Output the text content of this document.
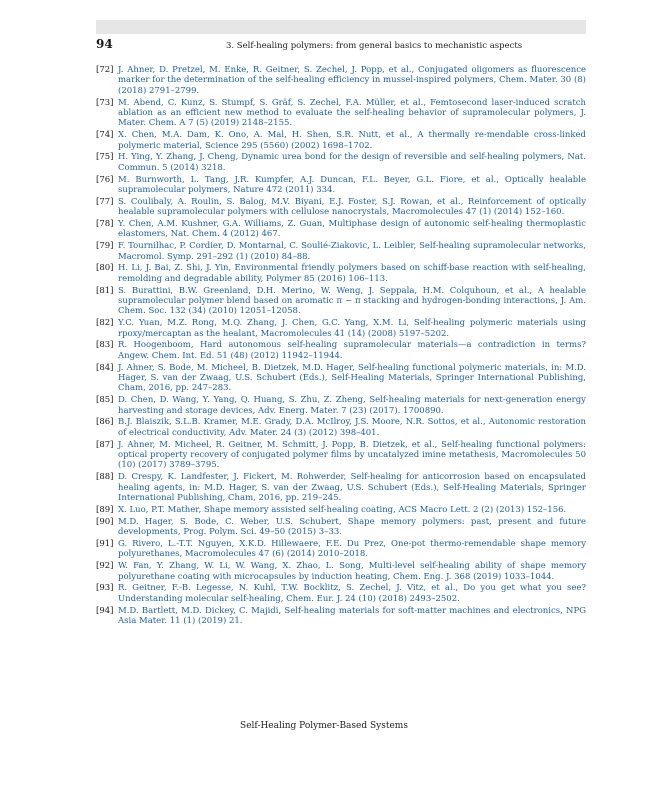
94	3. Self-healing polymers: from general basics to mechanistic aspects
[72] J. Ahner, D. Pretzel, M. Enke, R. Geitner, S. Zechel, J. Popp, et al., Conjugated oligomers as fluorescence marker for the determination of the self-healing efficiency in mussel-inspired polymers, Chem. Mater. 30 (8) (2018) 2791–2799.
[73] M. Abend, C. Kunz, S. Stumpf, S. Gräf, S. Zechel, F.A. Müller, et al., Femtosecond laser-induced scratch ablation as an efficient new method to evaluate the self-healing behavior of supramolecular polymers, J. Mater. Chem. A 7 (5) (2019) 2148–2155.
[74] X. Chen, M.A. Dam, K. Ono, A. Mal, H. Shen, S.R. Nutt, et al., A thermally re-mendable cross-linked polymeric material, Science 295 (5560) (2002) 1698–1702.
[75] H. Ying, Y. Zhang, J. Cheng, Dynamic urea bond for the design of reversible and self-healing polymers, Nat. Commun. 5 (2014) 3218.
[76] M. Burnworth, L. Tang, J.R. Kumpfer, A.J. Duncan, F.L. Beyer, G.L. Fiore, et al., Optically healable supramolecular polymers, Nature 472 (2011) 334.
[77] S. Coulibaly, A. Roulin, S. Balog, M.V. Biyani, E.J. Foster, S.J. Rowan, et al., Reinforcement of optically healable supramolecular polymers with cellulose nanocrystals, Macromolecules 47 (1) (2014) 152–160.
[78] Y. Chen, A.M. Kushner, G.A. Williams, Z. Guan, Multiphase design of autonomic self-healing thermoplastic elastomers, Nat. Chem. 4 (2012) 467.
[79] F. Tournilhac, P. Cordier, D. Montarnal, C. Soulié-Ziakovic, L. Leibler, Self-healing supramolecular networks, Macromol. Symp. 291–292 (1) (2010) 84–88.
[80] H. Li, J. Bai, Z. Shi, J. Yin, Environmental friendly polymers based on schiff-base reaction with self-healing, remolding and degradable ability, Polymer 85 (2016) 106–113.
[81] S. Burattini, B.W. Greenland, D.H. Merino, W. Weng, J. Seppala, H.M. Colquhoun, et al., A healable supramolecular polymer blend based on aromatic π − π stacking and hydrogen-bonding interactions, J. Am. Chem. Soc. 132 (34) (2010) 12051–12058.
[82] Y.C. Yuan, M.Z. Rong, M.Q. Zhang, J. Chen, G.C. Yang, X.M. Li, Self-healing polymeric materials using rpoxy/mercaptan as the healant, Macromolecules 41 (14) (2008) 5197–5202.
[83] R. Hoogenboom, Hard autonomous self-healing supramolecular materials—a contradiction in terms? Angew. Chem. Int. Ed. 51 (48) (2012) 11942–11944.
[84] J. Ahner, S. Bode, M. Micheel, B. Dietzek, M.D. Hager, Self-healing functional polymeric materials, in: M.D. Hager, S. van der Zwaag, U.S. Schubert (Eds.), Self-Healing Materials, Springer International Publishing, Cham, 2016, pp. 247–283.
[85] D. Chen, D. Wang, Y. Yang, Q. Huang, S. Zhu, Z. Zheng, Self-healing materials for next-generation energy harvesting and storage devices, Adv. Energ. Mater. 7 (23) (2017). 1700890.
[86] B.J. Blaiszik, S.L.B. Kramer, M.E. Grady, D.A. McIlroy, J.S. Moore, N.R. Sottos, et al., Autonomic restoration of electrical conductivity, Adv. Mater. 24 (3) (2012) 398–401.
[87] J. Ahner, M. Micheel, R. Geitner, M. Schmitt, J. Popp, B. Dietzek, et al., Self-healing functional polymers: optical property recovery of conjugated polymer films by uncatalyzed imine metathesis, Macromolecules 50 (10) (2017) 3789–3795.
[88] D. Crespy, K. Landfester, J. Fickert, M. Rohwerder, Self-healing for anticorrosion based on encapsulated healing agents, in: M.D. Hager, S. van der Zwaag, U.S. Schubert (Eds.), Self-Healing Materials, Springer International Publishing, Cham, 2016, pp. 219–245.
[89] X. Luo, P.T. Mather, Shape memory assisted self-healing coating, ACS Macro Lett. 2 (2) (2013) 152–156.
[90] M.D. Hager, S. Bode, C. Weber, U.S. Schubert, Shape memory polymers: past, present and future developments, Prog. Polym. Sci. 49–50 (2015) 3–33.
[91] G. Rivero, L.-T.T. Nguyen, X.K.D. Hillewaere, F.E. Du Prez, One-pot thermo-remendable shape memory polyurethanes, Macromolecules 47 (6) (2014) 2010–2018.
[92] W. Fan, Y. Zhang, W. Li, W. Wang, X. Zhao, L. Song, Multi-level self-healing ability of shape memory polyurethane coating with microcapsules by induction heating, Chem. Eng. J. 368 (2019) 1033–1044.
[93] R. Geitner, F.-B. Legesse, N. Kuhl, T.W. Bocklitz, S. Zechel, J. Vitz, et al., Do you get what you see? Understanding molecular self-healing, Chem. Eur. J. 24 (10) (2018) 2493–2502.
[94] M.D. Bartlett, M.D. Dickey, C. Majidi, Self-healing materials for soft-matter machines and electronics, NPG Asia Mater. 11 (1) (2019) 21.
Self-Healing Polymer-Based Systems
